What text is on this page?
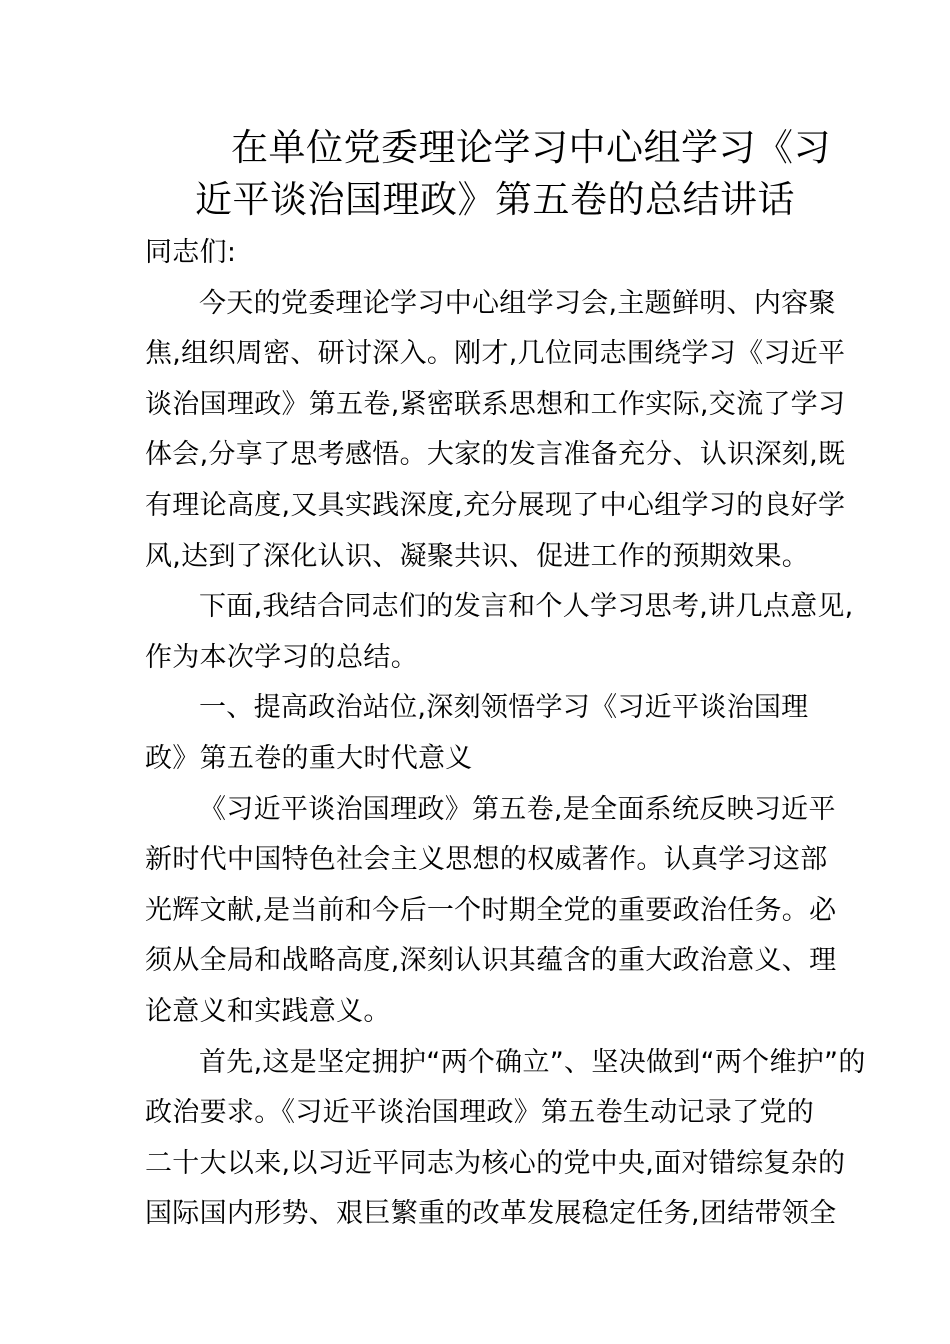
在单位党委理论学习中心组学习《习
近平谈治国理政》第五卷的总结讲话
同志们:
今天的党委理论学习中心组学习会,主题鲜明、内容聚
焦,组织周密、研讨深入。刚才,几位同志围绕学习《习近平
谈治国理政》第五卷,紧密联系思想和工作实际,交流了学习
体会,分享了思考感悟。大家的发言准备充分、认识深刻,既
有理论高度,又具实践深度,充分展现了中心组学习的良好学
风,达到了深化认识、凝聚共识、促进工作的预期效果。
下面,我结合同志们的发言和个人学习思考,讲几点意见,
作为本次学习的总结。
一、提高政治站位,深刻领悟学习《习近平谈治国理
政》第五卷的重大时代意义
《习近平谈治国理政》第五卷,是全面系统反映习近平
新时代中国特色社会主义思想的权威著作。认真学习这部
光辉文献,是当前和今后一个时期全党的重要政治任务。必
须从全局和战略高度,深刻认识其蕴含的重大政治意义、理
论意义和实践意义。
首先,这是坚定拥护“两个确立”、坚决做到“两个维护”的
政治要求。《习近平谈治国理政》第五卷生动记录了党的
二十大以来,以习近平同志为核心的党中央,面对错综复杂的
国际国内形势、艰巨繁重的改革发展稳定任务,团结带领全
